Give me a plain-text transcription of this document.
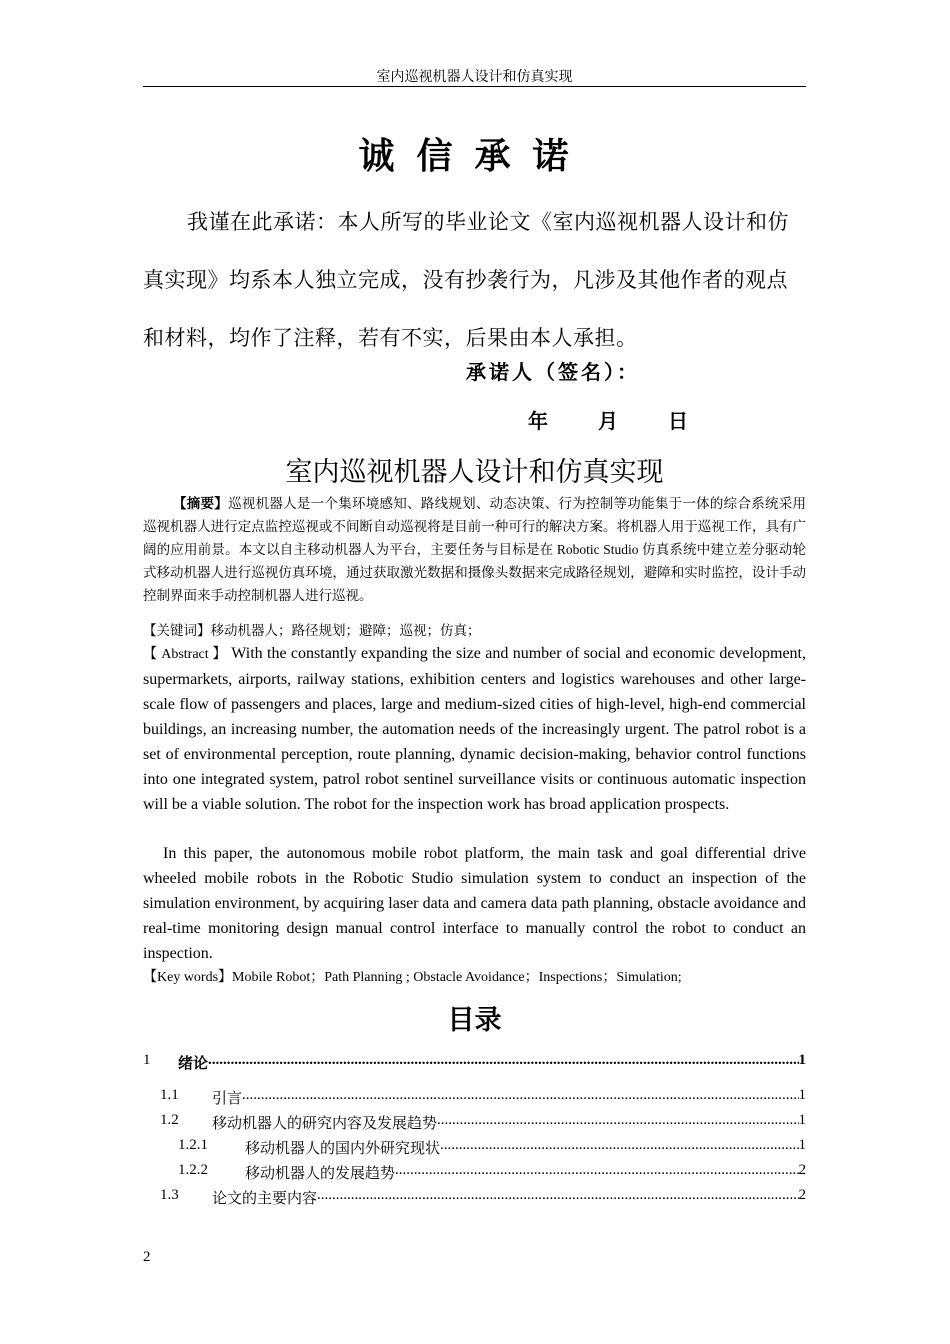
室内巡视机器人设计和仿真实现
诚信承诺
我谨在此承诺：本人所写的毕业论文《室内巡视机器人设计和仿真实现》均系本人独立完成，没有抄袭行为，凡涉及其他作者的观点和材料，均作了注释，若有不实，后果由本人承担。
承诺人（签名）：
年	月	日
室内巡视机器人设计和仿真实现
【摘要】巡视机器人是一个集环境感知、路线规划、动态决策、行为控制等功能集于一体的综合系统采用巡视机器人进行定点监控巡视或不间断自动巡视将是目前一种可行的解决方案。将机器人用于巡视工作，具有广阔的应用前景。本文以自主移动机器人为平台，主要任务与目标是在 Robotic Studio 仿真系统中建立差分驱动轮式移动机器人进行巡视仿真环境，通过获取激光数据和摄像头数据来完成路径规划，避障和实时监控，设计手动控制界面来手动控制机器人进行巡视。
【关键词】移动机器人；路径规划；避障；巡视；仿真；
【 Abstract 】 With the constantly expanding the size and number of social and economic development, supermarkets, airports, railway stations, exhibition centers and logistics warehouses and other large-scale flow of passengers and places, large and medium-sized cities of high-level, high-end commercial buildings, an increasing number, the automation needs of the increasingly urgent. The patrol robot is a set of environmental perception, route planning, dynamic decision-making, behavior control functions into one integrated system, patrol robot sentinel surveillance visits or continuous automatic inspection will be a viable solution. The robot for the inspection work has broad application prospects.
In this paper, the autonomous mobile robot platform, the main task and goal differential drive wheeled mobile robots in the Robotic Studio simulation system to conduct an inspection of the simulation environment, by acquiring laser data and camera data path planning, obstacle avoidance and real-time monitoring design manual control interface to manually control the robot to conduct an inspection.
【Key words】Mobile Robot；Path Planning ; Obstacle Avoidance；Inspections；Simulation;
目录
1	绪论 .....	1
1.1	引言 .....	1
1.2	移动机器人的研究内容及发展趋势 .....	1
1.2.1	移动机器人的国内外研究现状 .....	1
1.2.2	移动机器人的发展趋势 .....	2
1.3	论文的主要内容 .....	2
2
